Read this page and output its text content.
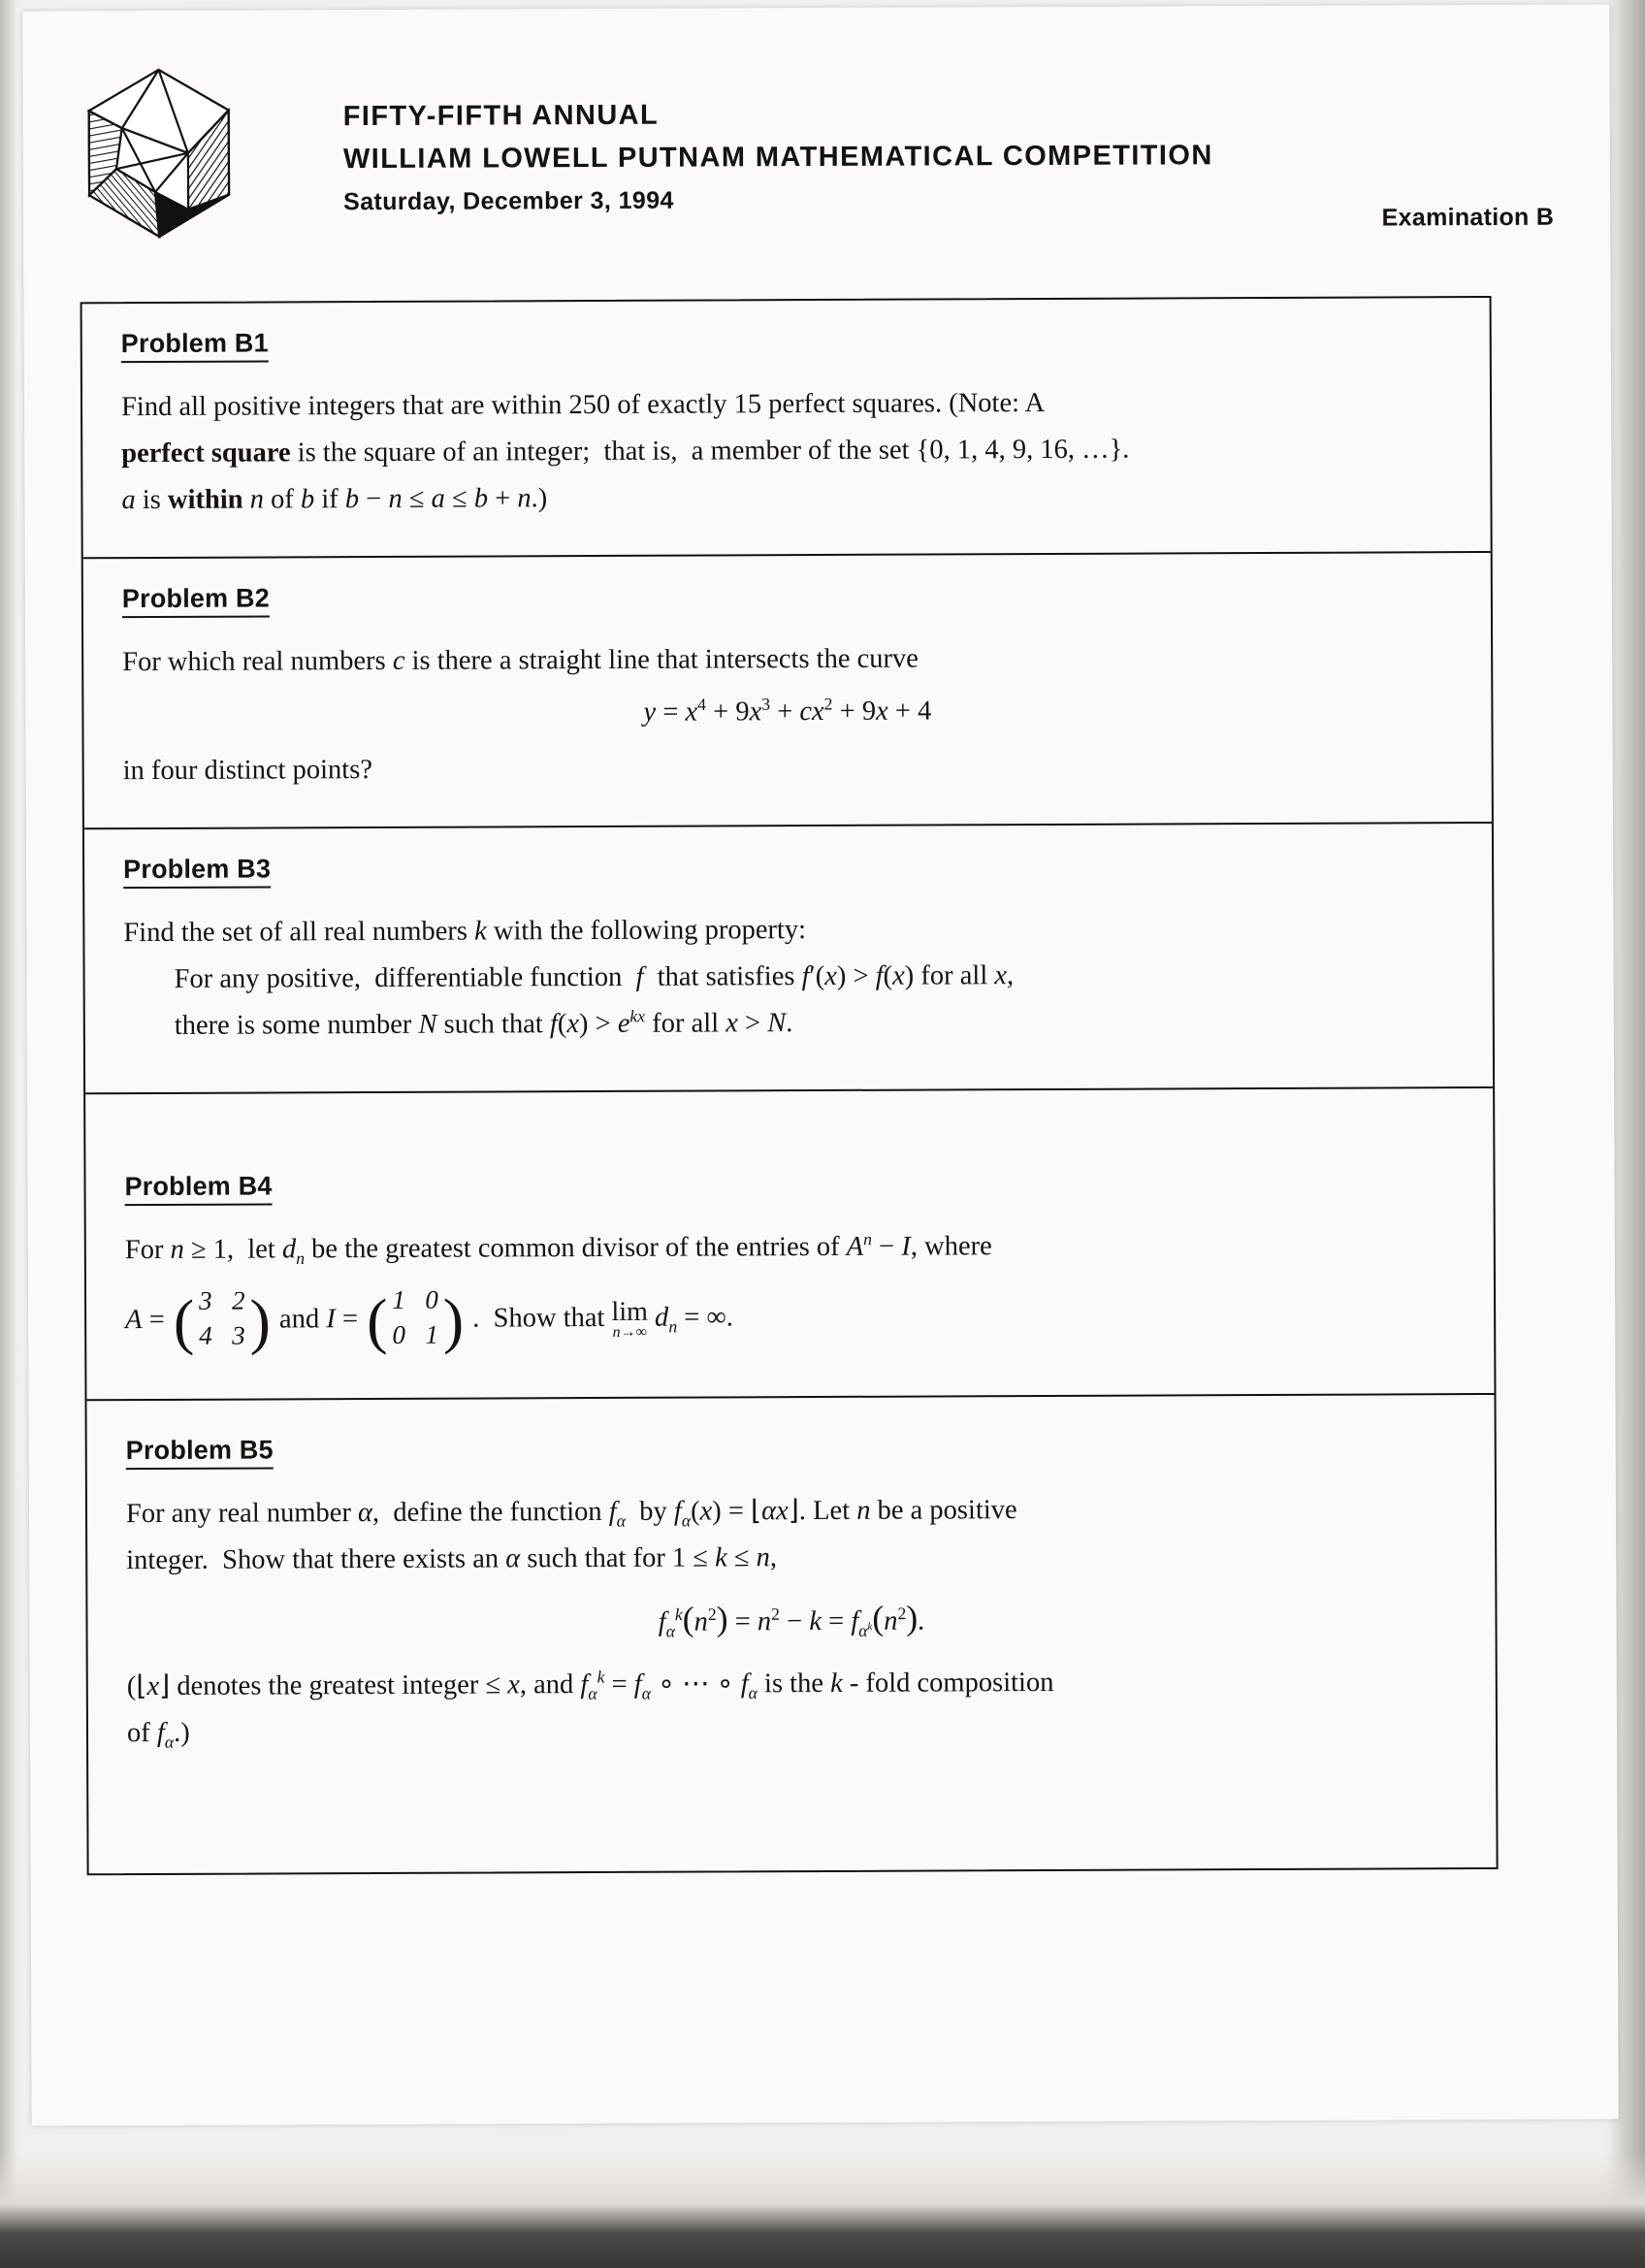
FIFTY-FIFTH ANNUAL
WILLIAM LOWELL PUTNAM MATHEMATICAL COMPETITION
Saturday, December 3, 1994
Examination B
Problem B1
Find all positive integers that are within 250 of exactly 15 perfect squares. (Note: A
perfect square is the square of an integer;  that is,  a member of the set {0, 1, 4, 9, 16, …}.
a is within n of b if b − n ≤ a ≤ b + n.)
Problem B2
For which real numbers c is there a straight line that intersects the curve
$y = x^4 + 9x^3 + cx^2 + 9x + 4$
in four distinct points?
Problem B3
Find the set of all real numbers k with the following property:
For any positive,  differentiable function  f  that satisfies f′(x) > f(x) for all x,
there is some number N such that $f(x) > e^{kx}$ for all x > N.
Problem B4
For n ≥ 1,  let $d_n$ be the greatest common divisor of the entries of $A^n - I$, where
A = ( 3 2
4 3 ) and I = ( 1 0
0 1 ) .  Show that lim
n→∞ $d_n$ = ∞.
Problem B5
For any real number α,  define the function $f_\alpha$  by $f_\alpha(x)$ = ⌊αx⌋. Let n be a positive
integer.  Show that there exists an α such that for 1 ≤ k ≤ n,
$f_\alpha^k(n^2) = n^2 - k = f_{\alpha^k}(n^2)$.
(⌊x⌋ denotes the greatest integer ≤ x, and $f_\alpha^k = f_\alpha$ ∘ ⋯ ∘ $f_\alpha$ is the k - fold composition
of $f_\alpha$.)
